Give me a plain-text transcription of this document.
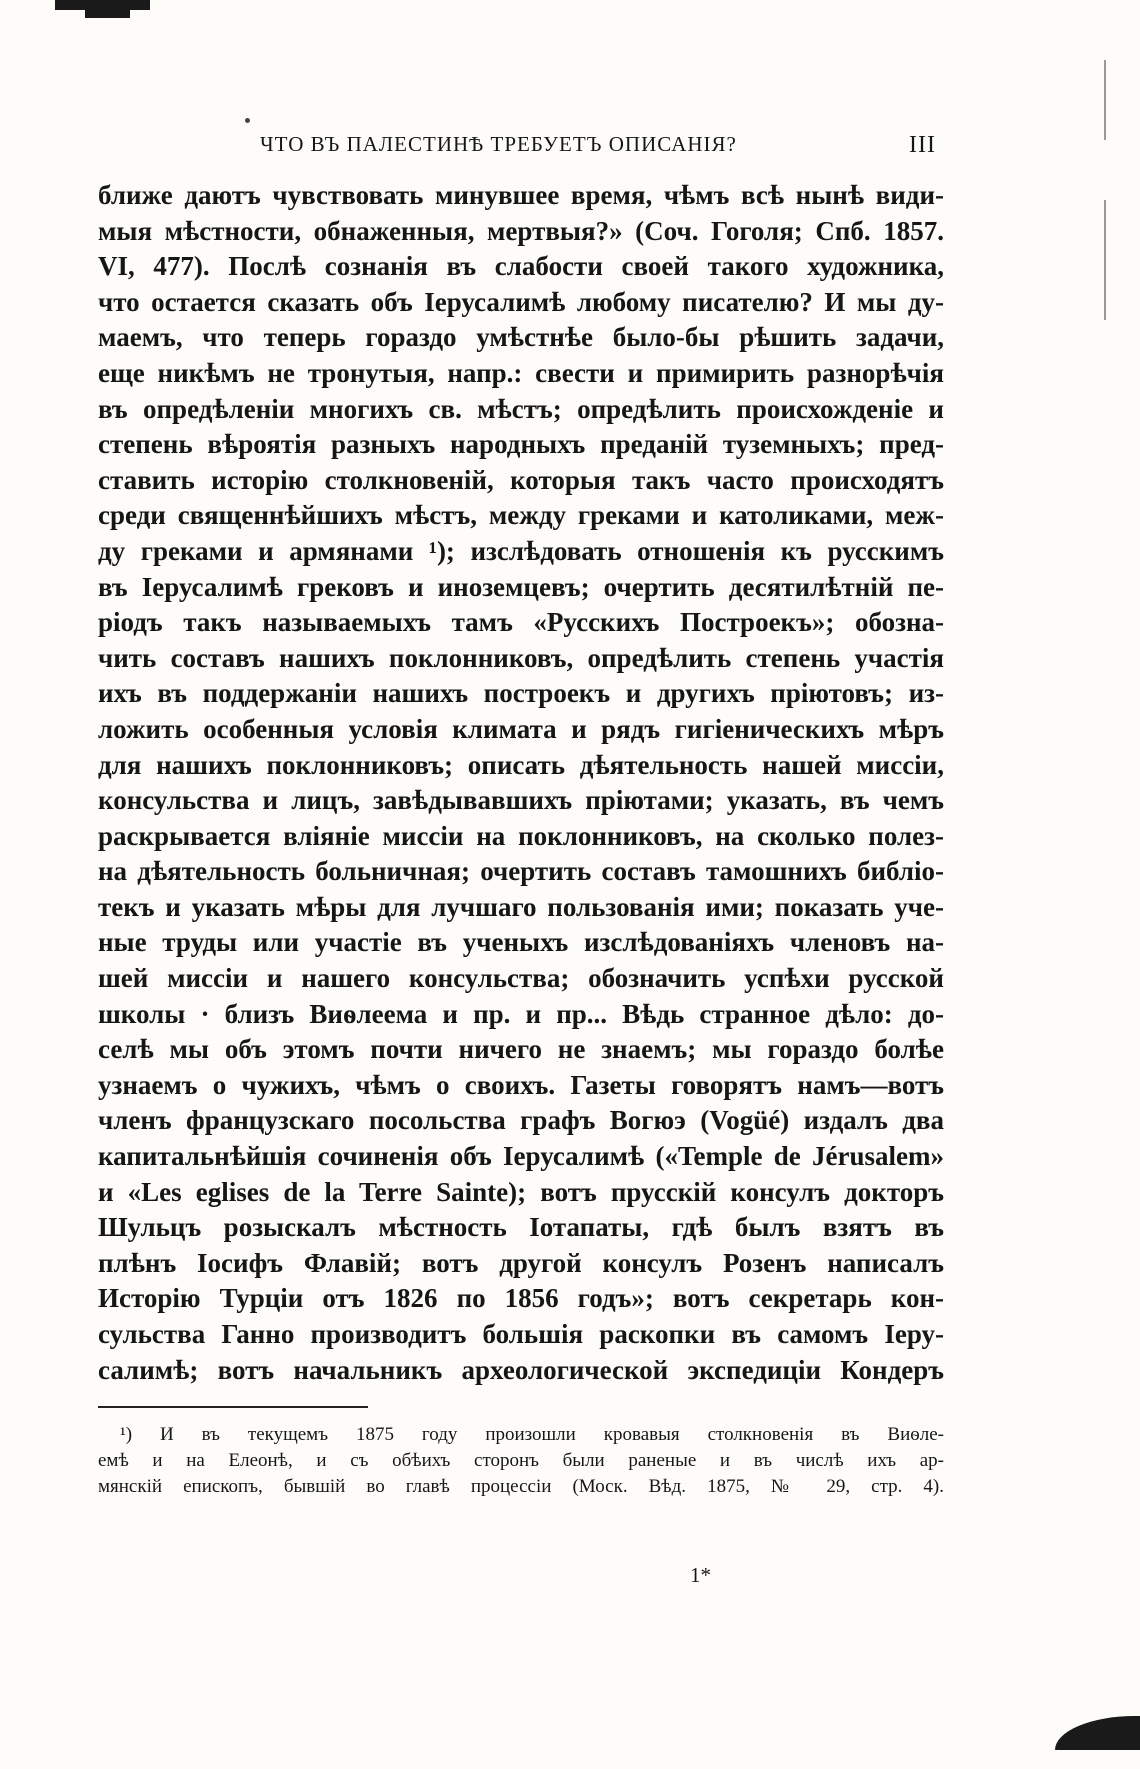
ЧТО ВЪ ПАЛЕСТИНѢ ТРЕБУЕТЪ ОПИСАНІЯ?	III
ближе даютъ чувствовать минувшее время, чѣмъ всѣ нынѣ види-
мыя мѣстности, обнаженныя, мертвыя?» (Соч. Гоголя; Спб. 1857.
VI, 477). Послѣ сознанія въ слабости своей такого художника,
что остается сказать объ Іерусалимѣ любому писателю? И мы ду-
маемъ, что теперь гораздо умѣстнѣе было-бы рѣшить задачи,
еще никѣмъ не тронутыя, напр.: свести и примирить разнорѣчія
въ опредѣленіи многихъ св. мѣстъ; опредѣлить происхожденіе и
степень вѣроятія разныхъ народныхъ преданій туземныхъ; пред-
ставить исторію столкновеній, которыя такъ часто происходятъ
среди священнѣйшихъ мѣстъ, между греками и католиками, меж-
ду греками и армянами ¹); изслѣдовать отношенія къ русскимъ
въ Іерусалимѣ грековъ и иноземцевъ; очертить десятилѣтній пе-
ріодъ такъ называемыхъ тамъ «Русскихъ Построекъ»; обозна-
чить составъ нашихъ поклонниковъ, опредѣлить степень участія
ихъ въ поддержаніи нашихъ построекъ и другихъ пріютовъ; из-
ложить особенныя условія климата и рядъ гигіеническихъ мѣръ
для нашихъ поклонниковъ; описать дѣятельность нашей миссіи,
консульства и лицъ, завѣдывавшихъ пріютами; указать, въ чемъ
раскрывается вліяніе миссіи на поклонниковъ, на сколько полез-
на дѣятельность больничная; очертить составъ тамошнихъ библіо-
текъ и указать мѣры для лучшаго пользованія ими; показать уче-
ные труды или участіе въ ученыхъ изслѣдованіяхъ членовъ на-
шей миссіи и нашего консульства; обозначить успѣхи русской
школы · близъ Виѳлеема и пр. и пр... Вѣдь странное дѣло: до-
селѣ мы объ этомъ почти ничего не знаемъ; мы гораздо болѣе
узнаемъ о чужихъ, чѣмъ о своихъ. Газеты говорятъ намъ—вотъ
членъ французскаго посольства графъ Вогюэ (Vogüé) издалъ два
капитальнѣйшія сочиненія объ Іерусалимѣ («Temple de Jérusalem»
и «Les eglises de la Terre Sainte); вотъ прусскій консулъ докторъ
Шульцъ розыскалъ мѣстность Іотапаты, гдѣ былъ взятъ въ
плѣнъ Іосифъ Флавій; вотъ другой консулъ Розенъ написалъ
Исторію Турціи отъ 1826 по 1856 годъ»; вотъ секретарь кон-
сульства Ганно производитъ большія раскопки въ самомъ Іеру-
салимѣ; вотъ начальникъ археологической экспедиціи Кондеръ
¹) И въ текущемъ 1875 году произошли кровавыя столкновенія въ Виѳле-
емѣ и на Елеонѣ, и съ обѣихъ сторонъ были раненые и въ числѣ ихъ ар-
мянскій епископъ, бывшій во главѣ процессіи (Моск. Вѣд. 1875, № 29, стр. 4).
1*
